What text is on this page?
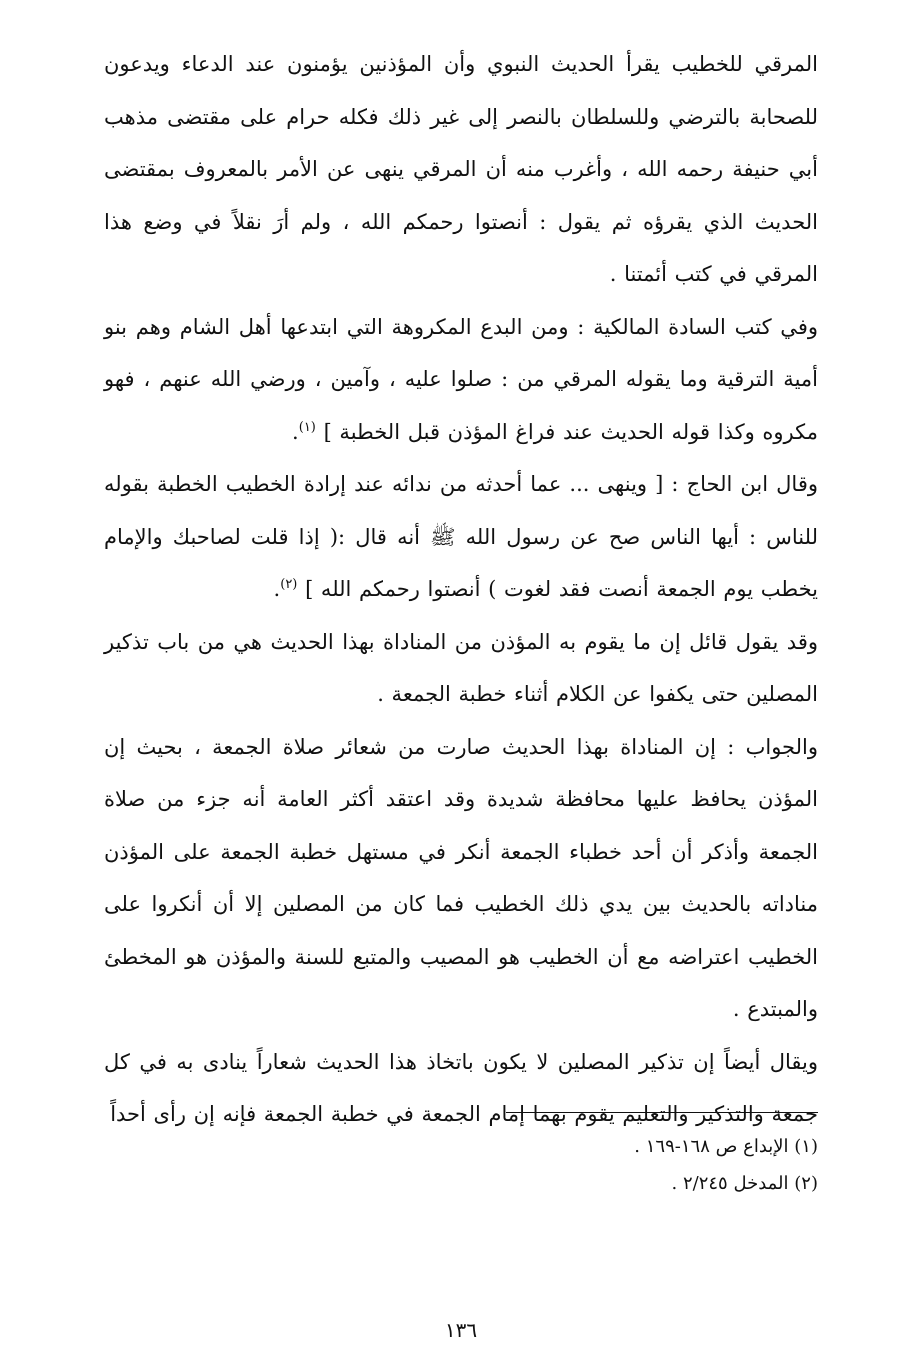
المرقي للخطيب يقرأ الحديث النبوي وأن المؤذنين يؤمنون عند الدعاء ويدعون للصحابة بالترضي وللسلطان بالنصر إلى غير ذلك فكله حرام على مقتضى مذهب أبي حنيفة رحمه الله ، وأغرب منه أن المرقي ينهى عن الأمر بالمعروف بمقتضى الحديث الذي يقرؤه ثم يقول : أنصتوا رحمكم الله ، ولم أرَ نقلاً في وضع هذا المرقي في كتب أئمتنا .

وفي كتب السادة المالكية : ومن البدع المكروهة التي ابتدعها أهل الشام وهم بنو أمية الترقية وما يقوله المرقي من : صلوا عليه ، وآمين ، ورضي الله عنهم ، فهو مكروه وكذا قوله الحديث عند فراغ المؤذن قبل الخطبة ] $^{(١)}$.

وقال ابن الحاج : [ وينهى ... عما أحدثه من ندائه عند إرادة الخطيب الخطبة بقوله للناس : أيها الناس صح عن رسول الله ﷺ أنه قال :( إذا قلت لصاحبك والإمام يخطب يوم الجمعة أنصت فقد لغوت ) أنصتوا رحمكم الله ] $^{(٢)}$.

وقد يقول قائل إن ما يقوم به المؤذن من المناداة بهذا الحديث هي من باب تذكير المصلين حتى يكفوا عن الكلام أثناء خطبة الجمعة .

والجواب : إن المناداة بهذا الحديث صارت من شعائر صلاة الجمعة ، بحيث إن المؤذن يحافظ عليها محافظة شديدة وقد اعتقد أكثر العامة أنه جزء من صلاة الجمعة وأذكر أن أحد خطباء الجمعة أنكر في مستهل خطبة الجمعة على المؤذن مناداته بالحديث بين يدي ذلك الخطيب فما كان من المصلين إلا أن أنكروا على الخطيب اعتراضه مع أن الخطيب هو المصيب والمتبع للسنة والمؤذن هو المخطئ والمبتدع .

ويقال أيضاً إن تذكير المصلين لا يكون باتخاذ هذا الحديث شعاراً ينادى به في كل جمعة والتذكير والتعليم يقوم بهما إمام الجمعة في خطبة الجمعة فإنه إن رأى أحداً

(١) الإبداع ص ١٦٨-١٦٩ .

(٢) المدخل ٢/٢٤٥ .

١٣٦
